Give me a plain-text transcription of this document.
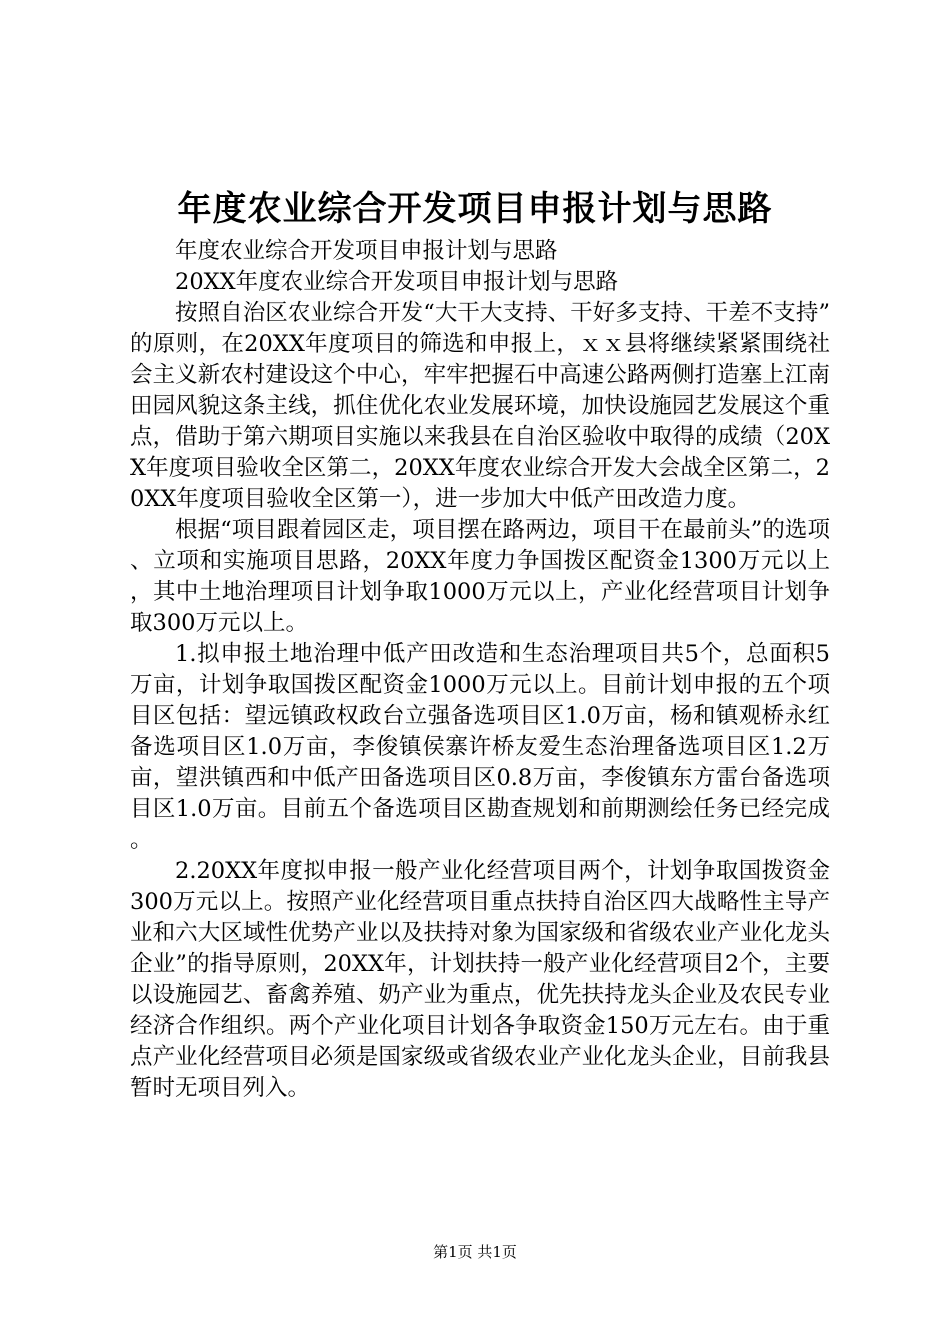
年度农业综合开发项目申报计划与思路

年度农业综合开发项目申报计划与思路

20XX年度农业综合开发项目申报计划与思路

按照自治区农业综合开发“大干大支持、干好多支持、干差不支持”的原则，在20XX年度项目的筛选和申报上，ｘｘ县将继续紧紧围绕社会主义新农村建设这个中心，牢牢把握石中高速公路两侧打造塞上江南田园风貌这条主线，抓住优化农业发展环境，加快设施园艺发展这个重点，借助于第六期项目实施以来我县在自治区验收中取得的成绩（20XX年度项目验收全区第二，20XX年度农业综合开发大会战全区第二，20XX年度项目验收全区第一），进一步加大中低产田改造力度。

根据“项目跟着园区走，项目摆在路两边，项目干在最前头”的选项、立项和实施项目思路，20XX年度力争国拨区配资金1300万元以上，其中土地治理项目计划争取1000万元以上，产业化经营项目计划争取300万元以上。

1.拟申报土地治理中低产田改造和生态治理项目共5个，总面积5万亩，计划争取国拨区配资金1000万元以上。目前计划申报的五个项目区包括：望远镇政权政台立强备选项目区1.0万亩，杨和镇观桥永红备选项目区1.0万亩，李俊镇侯寨许桥友爱生态治理备选项目区1.2万亩，望洪镇西和中低产田备选项目区0.8万亩，李俊镇东方雷台备选项目区1.0万亩。目前五个备选项目区勘查规划和前期测绘任务已经完成。

2.20XX年度拟申报一般产业化经营项目两个，计划争取国拨资金300万元以上。按照产业化经营项目重点扶持自治区四大战略性主导产业和六大区域性优势产业以及扶持对象为国家级和省级农业产业化龙头企业”的指导原则，20XX年，计划扶持一般产业化经营项目2个，主要以设施园艺、畜禽养殖、奶产业为重点，优先扶持龙头企业及农民专业经济合作组织。两个产业化项目计划各争取资金150万元左右。由于重点产业化经营项目必须是国家级或省级农业产业化龙头企业，目前我县暂时无项目列入。

第1页 共1页
